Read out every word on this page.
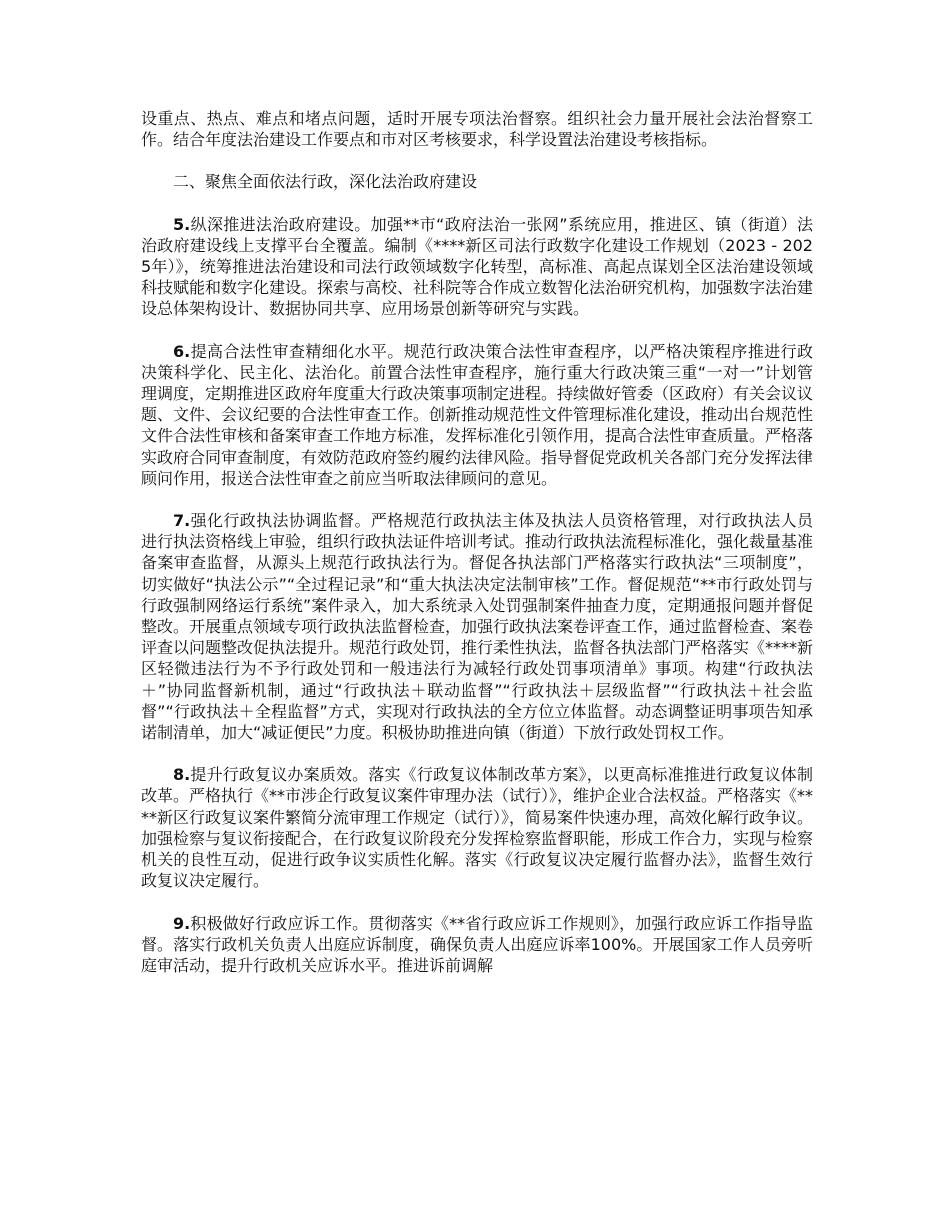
设重点、热点、难点和堵点问题，适时开展专项法治督察。组织社会力量开展社会法治督察工作。结合年度法治建设工作要点和市对区考核要求，科学设置法治建设考核指标。

二、聚焦全面依法行政，深化法治政府建设

5.纵深推进法治政府建设。加强**市“政府法治一张网”系统应用，推进区、镇（街道）法治政府建设线上支撑平台全覆盖。编制《****新区司法行政数字化建设工作规划（2023 - 2025年）》，统筹推进法治建设和司法行政领域数字化转型，高标准、高起点谋划全区法治建设领域科技赋能和数字化建设。探索与高校、社科院等合作成立数智化法治研究机构，加强数字法治建设总体架构设计、数据协同共享、应用场景创新等研究与实践。

6.提高合法性审查精细化水平。规范行政决策合法性审查程序，以严格决策程序推进行政决策科学化、民主化、法治化。前置合法性审查程序，施行重大行政决策三重“一对一”计划管理调度，定期推进区政府年度重大行政决策事项制定进程。持续做好管委（区政府）有关会议议题、文件、会议纪要的合法性审查工作。创新推动规范性文件管理标准化建设，推动出台规范性文件合法性审核和备案审查工作地方标准，发挥标准化引领作用，提高合法性审查质量。严格落实政府合同审查制度，有效防范政府签约履约法律风险。指导督促党政机关各部门充分发挥法律顾问作用，报送合法性审查之前应当听取法律顾问的意见。

7.强化行政执法协调监督。严格规范行政执法主体及执法人员资格管理，对行政执法人员进行执法资格线上审验，组织行政执法证件培训考试。推动行政执法流程标准化，强化裁量基准备案审查监督，从源头上规范行政执法行为。督促各执法部门严格落实行政执法“三项制度”，切实做好“执法公示”“全过程记录”和“重大执法决定法制审核”工作。督促规范“**市行政处罚与行政强制网络运行系统”案件录入，加大系统录入处罚强制案件抽查力度，定期通报问题并督促整改。开展重点领域专项行政执法监督检查，加强行政执法案卷评查工作，通过监督检查、案卷评查以问题整改促执法提升。规范行政处罚，推行柔性执法，监督各执法部门严格落实《****新区轻微违法行为不予行政处罚和一般违法行为减轻行政处罚事项清单》事项。构建“行政执法＋”协同监督新机制，通过“行政执法＋联动监督”“行政执法＋层级监督”“行政执法＋社会监督”“行政执法＋全程监督”方式，实现对行政执法的全方位立体监督。动态调整证明事项告知承诺制清单，加大“减证便民”力度。积极协助推进向镇（街道）下放行政处罚权工作。

8.提升行政复议办案质效。落实《行政复议体制改革方案》，以更高标准推进行政复议体制改革。严格执行《**市涉企行政复议案件审理办法（试行）》，维护企业合法权益。严格落实《****新区行政复议案件繁简分流审理工作规定（试行）》，简易案件快速办理，高效化解行政争议。加强检察与复议衔接配合，在行政复议阶段充分发挥检察监督职能，形成工作合力，实现与检察机关的良性互动，促进行政争议实质性化解。落实《行政复议决定履行监督办法》，监督生效行政复议决定履行。

9.积极做好行政应诉工作。贯彻落实《**省行政应诉工作规则》，加强行政应诉工作指导监督。落实行政机关负责人出庭应诉制度，确保负责人出庭应诉率100%。开展国家工作人员旁听庭审活动，提升行政机关应诉水平。推进诉前调解
